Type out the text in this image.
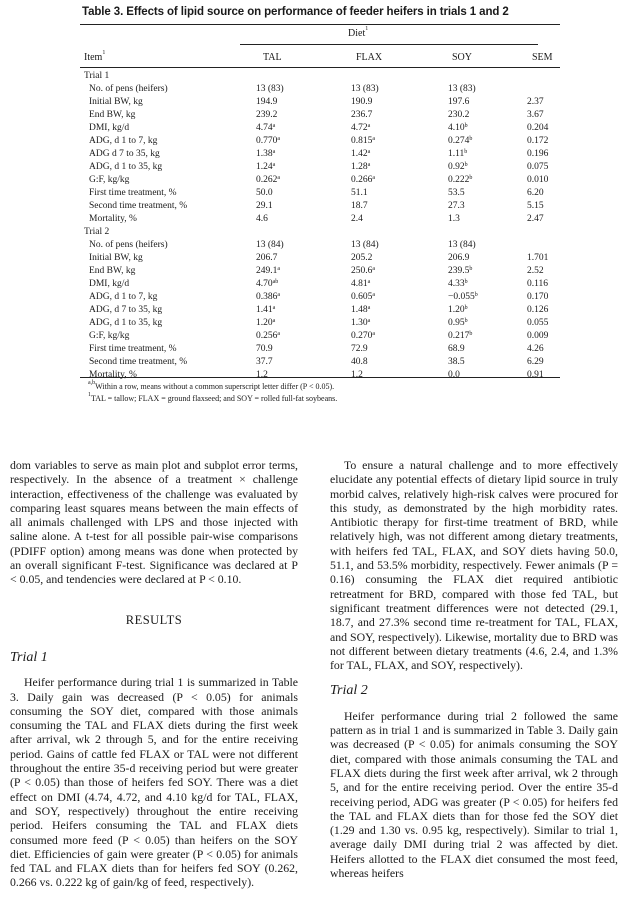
Table 3. Effects of lipid source on performance of feeder heifers in trials 1 and 2
Diet$^1$
Item$^1$	TAL	FLAX	SOY	SEM
Trial 1
No. of pens (heifers)	13 (83)	13 (83)	13 (83)
Initial BW, kg	194.9	190.9	197.6	2.37
End BW, kg	239.2	236.7	230.2	3.67
DMI, kg/d	4.74$^a$	4.72$^a$	4.10$^b$	0.204
ADG, d 1 to 7, kg	0.770$^a$	0.815$^a$	0.274$^b$	0.172
ADG d 7 to 35, kg	1.38$^a$	1.42$^a$	1.11$^b$	0.196
ADG, d 1 to 35, kg	1.24$^a$	1.28$^a$	0.92$^b$	0.075
G:F, kg/kg	0.262$^a$	0.266$^a$	0.222$^b$	0.010
First time treatment, %	50.0	51.1	53.5	6.20
Second time treatment, %	29.1	18.7	27.3	5.15
Mortality, %	4.6	2.4	1.3	2.47
Trial 2
No. of pens (heifers)	13 (84)	13 (84)	13 (84)
Initial BW, kg	206.7	205.2	206.9	1.701
End BW, kg	249.1$^a$	250.6$^a$	239.5$^b$	2.52
DMI, kg/d	4.70$^{ab}$	4.81$^a$	4.33$^b$	0.116
ADG, d 1 to 7, kg	0.386$^a$	0.605$^a$	−0.055$^b$	0.170
ADG, d 7 to 35, kg	1.41$^a$	1.48$^a$	1.20$^b$	0.126
ADG, d 1 to 35, kg	1.20$^a$	1.30$^a$	0.95$^b$	0.055
G:F, kg/kg	0.256$^a$	0.270$^a$	0.217$^b$	0.009
First time treatment, %	70.9	72.9	68.9	4.26
Second time treatment, %	37.7	40.8	38.5	6.29
Mortality, %	1.2	1.2	0.0	0.91
$^{a,b}$Within a row, means without a common superscript letter differ (P < 0.05).
$^1$TAL = tallow; FLAX = ground flaxseed; and SOY = rolled full-fat soybeans.

dom variables to serve as main plot and subplot error terms, respectively. In the absence of a treatment × challenge interaction, effectiveness of the challenge was evaluated by comparing least squares means between the main effects of all animals challenged with LPS and those injected with saline alone. A t-test for all possible pair-wise comparisons (PDIFF option) among means was done when protected by an overall significant F-test. Significance was declared at P < 0.05, and tendencies were declared at P < 0.10.

RESULTS
Trial 1

Heifer performance during trial 1 is summarized in Table 3. Daily gain was decreased (P < 0.05) for animals consuming the SOY diet, compared with those animals consuming the TAL and FLAX diets during the first week after arrival, wk 2 through 5, and for the entire receiving period. Gains of cattle fed FLAX or TAL were not different throughout the entire 35-d receiving period but were greater (P < 0.05) than those of heifers fed SOY. There was a diet effect on DMI (4.74, 4.72, and 4.10 kg/d for TAL, FLAX, and SOY, respectively) throughout the entire receiving period. Heifers consuming the TAL and FLAX diets consumed more feed (P < 0.05) than heifers on the SOY diet. Efficiencies of gain were greater (P < 0.05) for animals fed TAL and FLAX diets than for heifers fed SOY (0.262, 0.266 vs. 0.222 kg of gain/kg of feed, respectively).

To ensure a natural challenge and to more effectively elucidate any potential effects of dietary lipid source in truly morbid calves, relatively high-risk calves were procured for this study, as demonstrated by the high morbidity rates. Antibiotic therapy for first-time treatment of BRD, while relatively high, was not different among dietary treatments, with heifers fed TAL, FLAX, and SOY diets having 50.0, 51.1, and 53.5% morbidity, respectively. Fewer animals (P = 0.16) consuming the FLAX diet required antibiotic retreatment for BRD, compared with those fed TAL, but significant treatment differences were not detected (29.1, 18.7, and 27.3% second time re-treatment for TAL, FLAX, and SOY, respectively). Likewise, mortality due to BRD was not different between dietary treatments (4.6, 2.4, and 1.3% for TAL, FLAX, and SOY, respectively).

Trial 2

Heifer performance during trial 2 followed the same pattern as in trial 1 and is summarized in Table 3. Daily gain was decreased (P < 0.05) for animals consuming the SOY diet, compared with those animals consuming the TAL and FLAX diets during the first week after arrival, wk 2 through 5, and for the entire receiving period. Over the entire 35-d receiving period, ADG was greater (P < 0.05) for heifers fed the TAL and FLAX diets than for those fed the SOY diet (1.29 and 1.30 vs. 0.95 kg, respectively). Similar to trial 1, average daily DMI during trial 2 was affected by diet. Heifers allotted to the FLAX diet consumed the most feed, whereas heifers
